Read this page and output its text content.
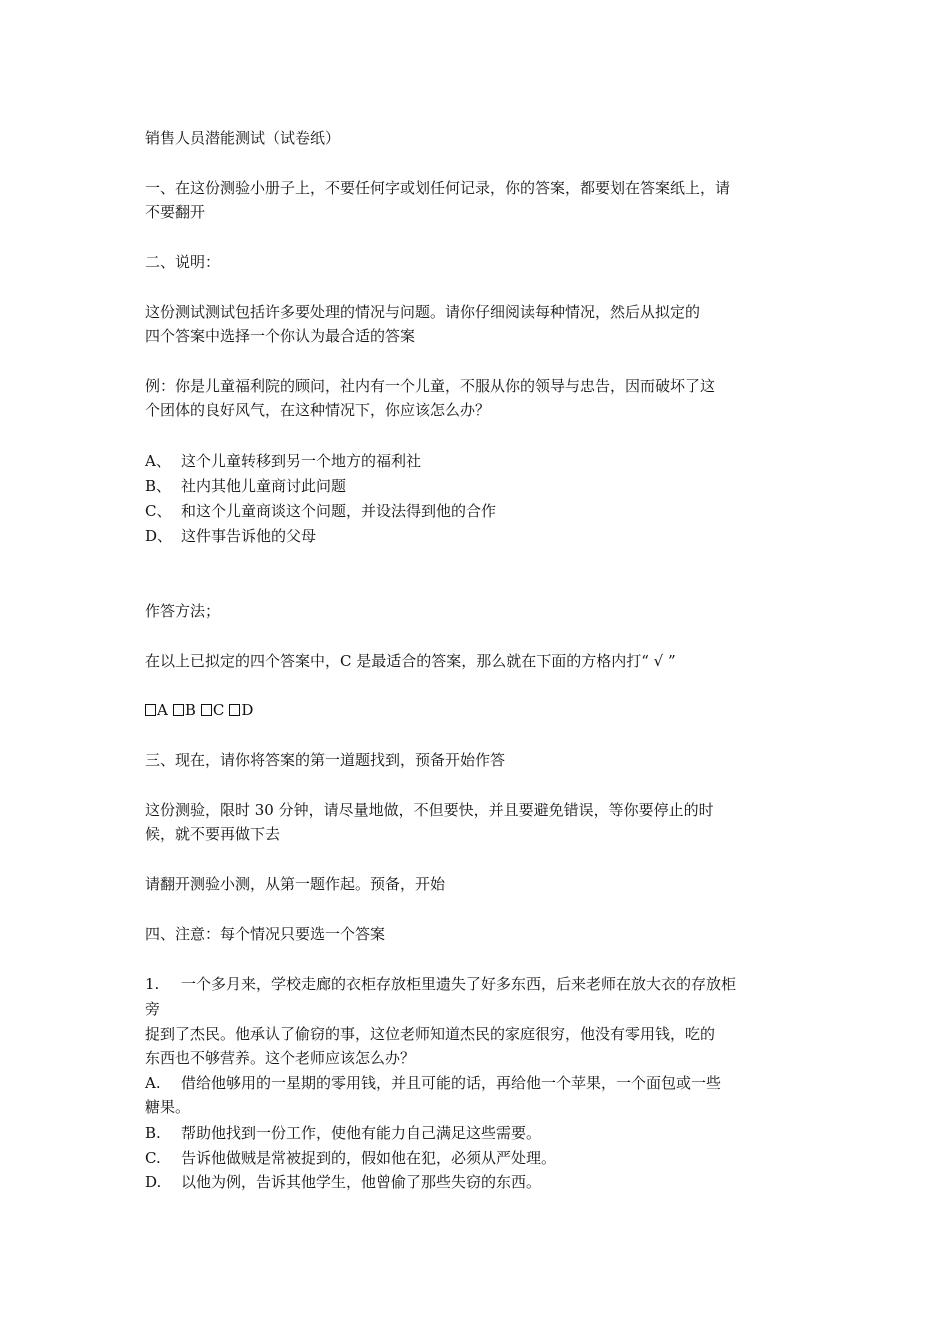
销售人员潜能测试（试卷纸）
一、在这份测验小册子上，不要任何字或划任何记录，你的答案，都要划在答案纸上，请
不要翻开
二、说明：
这份测试测试包括许多要处理的情况与问题。请你仔细阅读每种情况，然后从拟定的
四个答案中选择一个你认为最合适的答案
例：你是儿童福利院的顾问，社内有一个儿童，不服从你的领导与忠告，因而破坏了这
个团体的良好风气，在这种情况下，你应该怎么办？
A、 这个儿童转移到另一个地方的福利社
B、 社内其他儿童商讨此问题
C、 和这个儿童商谈这个问题，并设法得到他的合作
D、 这件事告诉他的父母
作答方法；
在以上已拟定的四个答案中，C 是最适合的答案，那么就在下面的方格内打“ √ ”
A B C D
三、现在，请你将答案的第一道题找到，预备开始作答
这份测验，限时 30 分钟，请尽量地做，不但要快，并且要避免错误，等你要停止的时
候，就不要再做下去
请翻开测验小测，从第一题作起。预备，开始
四、注意：每个情况只要选一个答案
1. 一个多月来，学校走廊的衣柜存放柜里遗失了好多东西，后来老师在放大衣的存放柜
旁
捉到了杰民。他承认了偷窃的事，这位老师知道杰民的家庭很穷，他没有零用钱，吃的
东西也不够营养。这个老师应该怎么办？
A. 借给他够用的一星期的零用钱，并且可能的话，再给他一个苹果，一个面包或一些
糖果。
B. 帮助他找到一份工作，使他有能力自己满足这些需要。
C. 告诉他做贼是常被捉到的，假如他在犯，必须从严处理。
D. 以他为例，告诉其他学生，他曾偷了那些失窃的东西。
